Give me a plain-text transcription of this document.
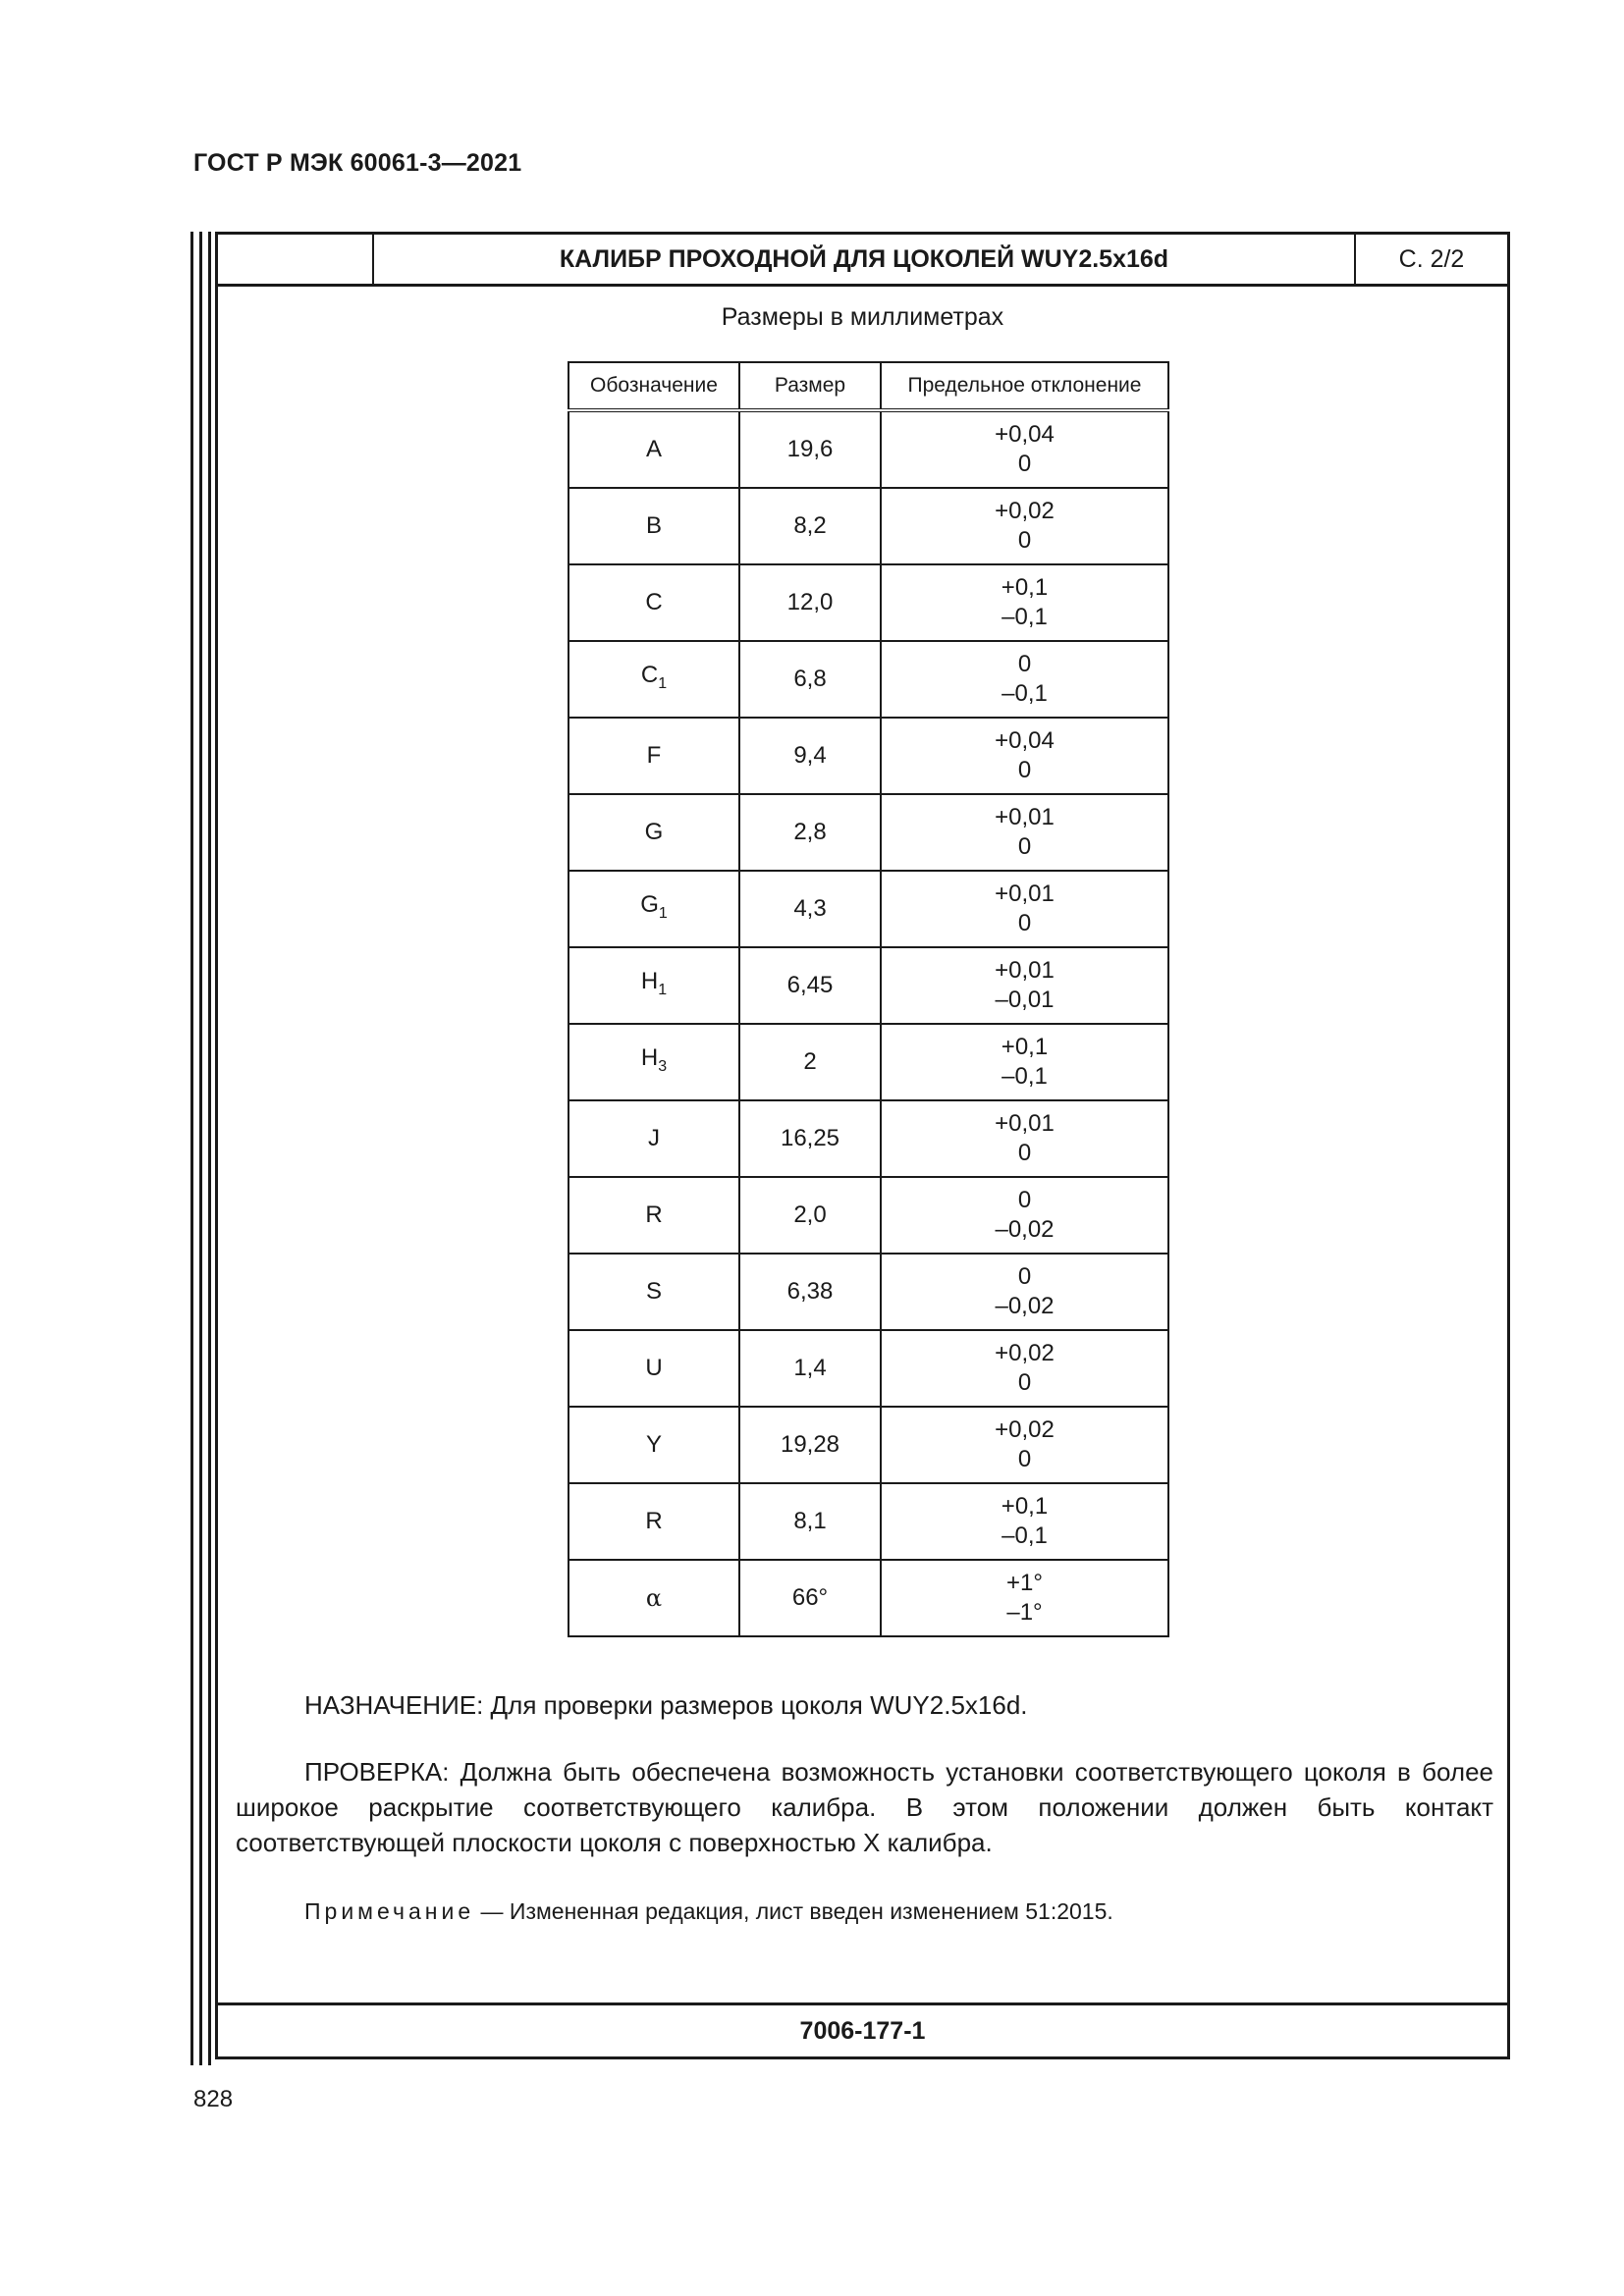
ГОСТ Р МЭК 60061-3—2021
КАЛИБР ПРОХОДНОЙ ДЛЯ ЦОКОЛЕЙ WUY2.5x16d	С. 2/2
Размеры в миллиметрах
Обозначение	Размер	Предельное отклонение
A	19,6	+0,04
0

B	8,2	+0,02
0

C	12,0	+0,1
–0,1

$C_1$	6,8	0
–0,1

F	9,4	+0,04
0

G	2,8	+0,01
0

$G_1$	4,3	+0,01
0

$H_1$	6,45	+0,01
–0,01

$H_3$	2	+0,1
–0,1

J	16,25	+0,01
0

R	2,0	0
–0,02

S	6,38	0
–0,02

U	1,4	+0,02
0

Y	19,28	+0,02
0

R	8,1	+0,1
–0,1

α	66°	+1°
–1°
НАЗНАЧЕНИЕ: Для проверки размеров цоколя WUY2.5x16d.
ПРОВЕРКА: Должна быть обеспечена возможность установки соответствующего цоколя в более широкое раскрытие соответствующего калибра. В этом положении должен быть контакт соответствующей плоскости цоколя с поверхностью X калибра.
Примечание — Измененная редакция, лист введен изменением 51:2015.
7006-177-1
828
